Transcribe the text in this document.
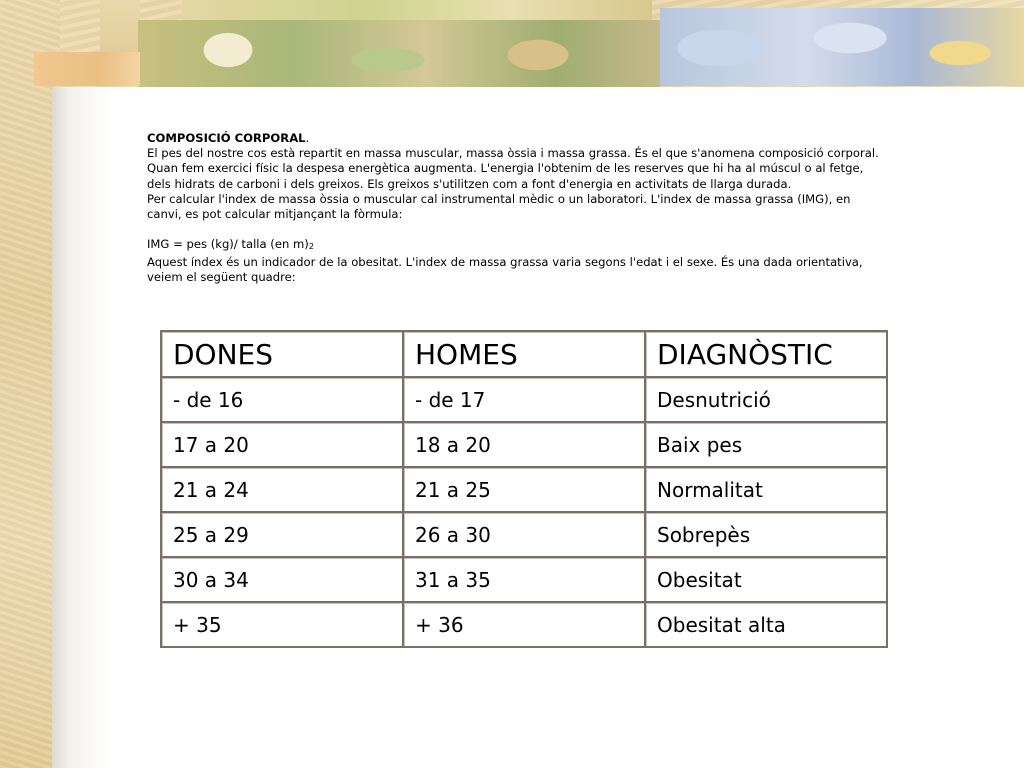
COMPOSICIÓ CORPORAL.

El pes del nostre cos està repartit en massa muscular, massa òssia i massa grassa. És el que s'anomena composició corporal.

Quan fem exercici físic la despesa energètica augmenta. L'energia l'obtenim de les reserves que hi ha al múscul o al fetge, dels hidrats de carboni i dels greixos. Els greixos s'utilitzen com a font d'energia en activitats de llarga durada.

Per calcular l'index de massa òssia o muscular cal instrumental mèdic o un laboratori. L'index de massa grassa (IMG), en canvi, es pot calcular mitjançant la fòrmula:

IMG = pes (kg)/ talla (en m)2

Aquest índex és un indicador de la obesitat. L'index de massa grassa varia segons l'edat i el sexe. És una dada orientativa, veiem el següent quadre:

DONES	HOMES	DIAGNÒSTIC
- de 16	- de 17	Desnutrició
17 a 20	18 a 20	Baix pes
21 a 24	21 a 25	Normalitat
25 a 29	26 a 30	Sobrepès
30 a 34	31 a 35	Obesitat
+ 35	+ 36	Obesitat alta
